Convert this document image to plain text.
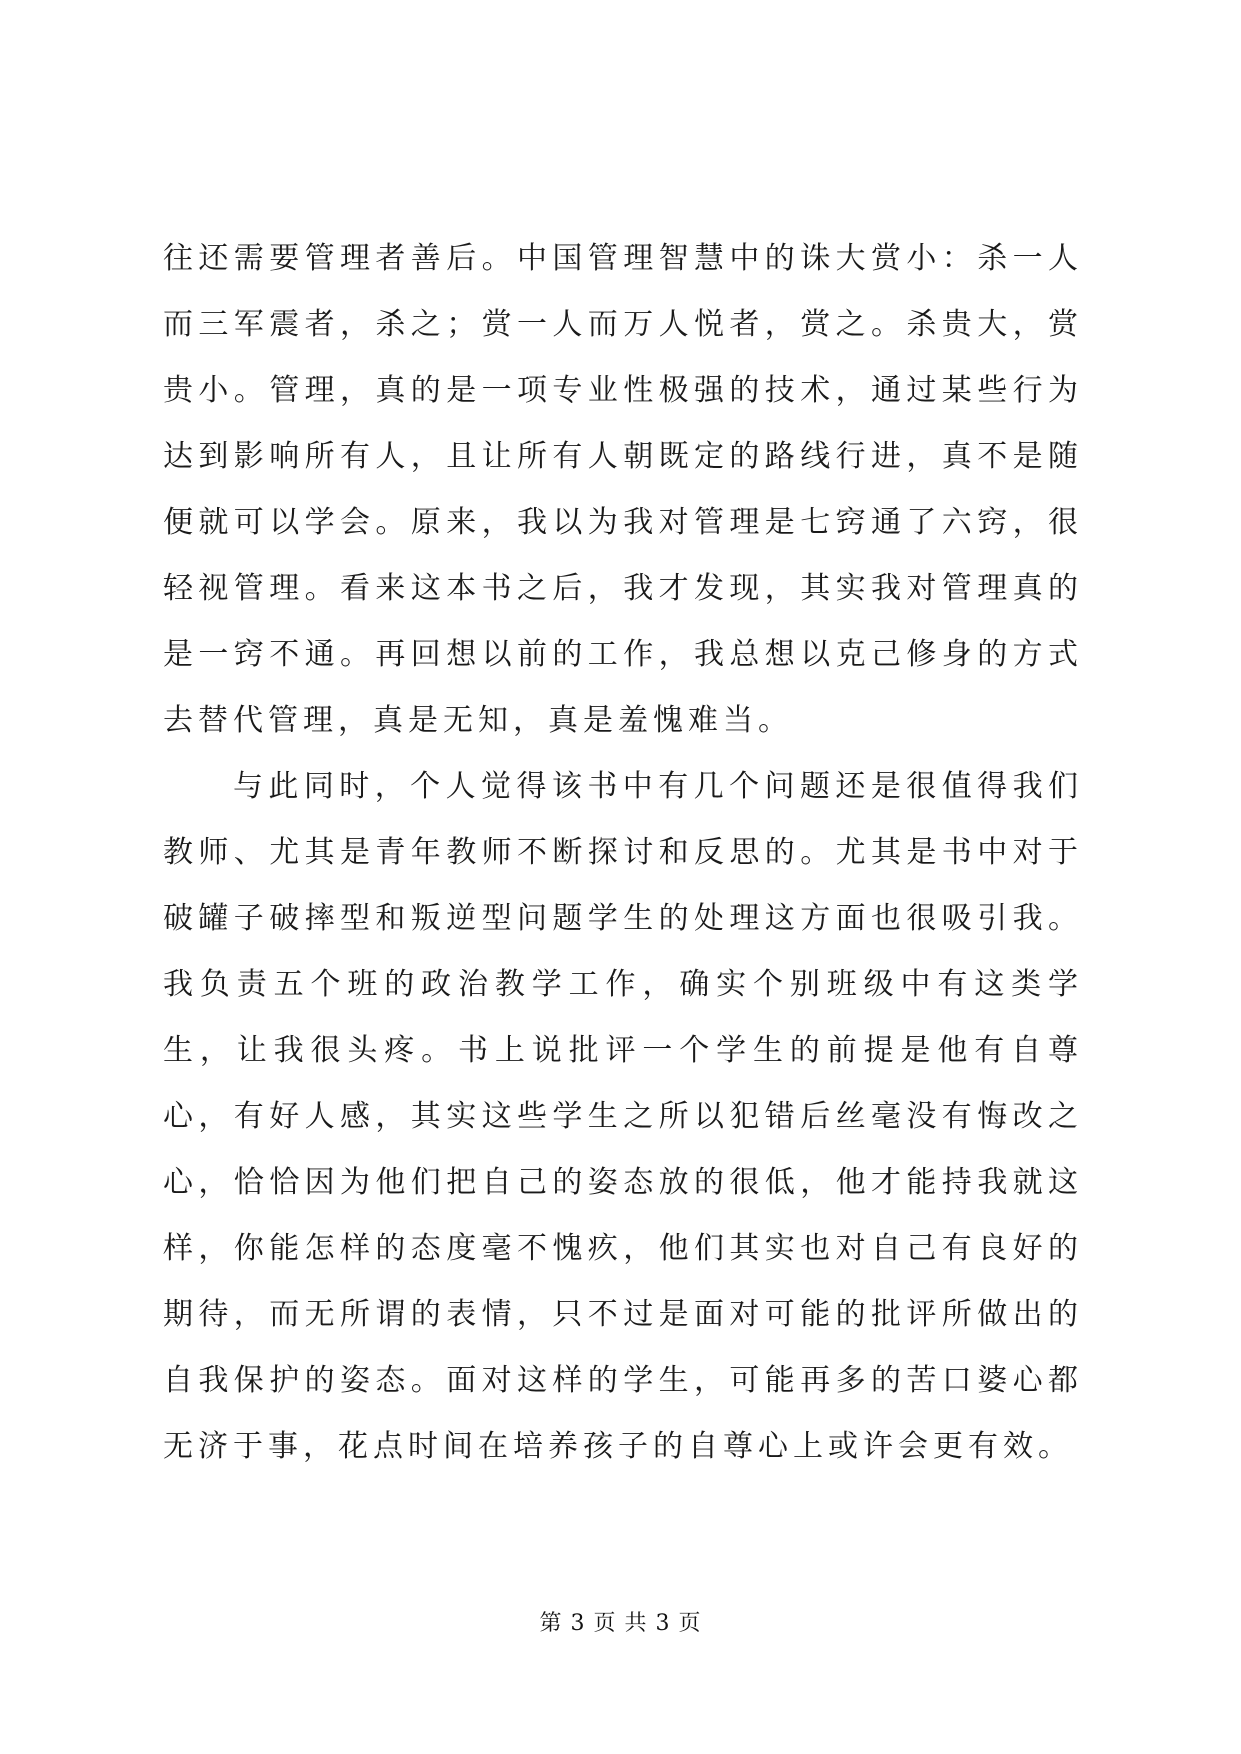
往还需要管理者善后。中国管理智慧中的诛大赏小：杀一人而三军震者，杀之；赏一人而万人悦者，赏之。杀贵大，赏贵小。管理，真的是一项专业性极强的技术，通过某些行为达到影响所有人，且让所有人朝既定的路线行进，真不是随便就可以学会。原来，我以为我对管理是七窍通了六窍，很轻视管理。看来这本书之后，我才发现，其实我对管理真的是一窍不通。再回想以前的工作，我总想以克己修身的方式去替代管理，真是无知，真是羞愧难当。

与此同时，个人觉得该书中有几个问题还是很值得我们教师、尤其是青年教师不断探讨和反思的。尤其是书中对于破罐子破摔型和叛逆型问题学生的处理这方面也很吸引我。我负责五个班的政治教学工作，确实个别班级中有这类学生，让我很头疼。书上说批评一个学生的前提是他有自尊心，有好人感，其实这些学生之所以犯错后丝毫没有悔改之心，恰恰因为他们把自己的姿态放的很低，他才能持我就这样，你能怎样的态度毫不愧疚，他们其实也对自己有良好的期待，而无所谓的表情，只不过是面对可能的批评所做出的自我保护的姿态。面对这样的学生，可能再多的苦口婆心都无济于事，花点时间在培养孩子的自尊心上或许会更有效。

第 3 页 共 3 页
